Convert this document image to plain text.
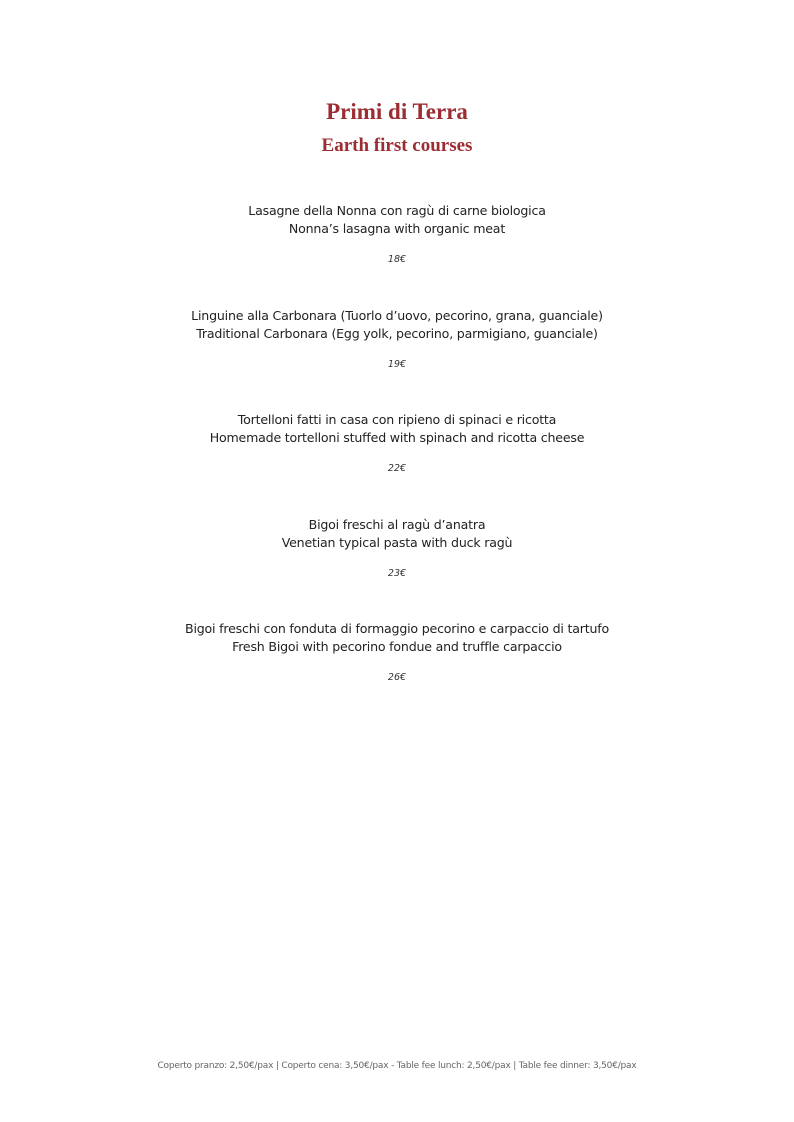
Primi di Terra
Earth first courses
Lasagne della Nonna con ragù di carne biologica
Nonna’s lasagna with organic meat
18€
Linguine alla Carbonara (Tuorlo d’uovo, pecorino, grana, guanciale)
Traditional Carbonara (Egg yolk, pecorino, parmigiano, guanciale)
19€
Tortelloni fatti in casa con ripieno di spinaci e ricotta
Homemade tortelloni stuffed with spinach and ricotta cheese
22€
Bigoi freschi al ragù d’anatra
Venetian typical pasta with duck ragù
23€
Bigoi freschi con fonduta di formaggio pecorino e carpaccio di tartufo
Fresh Bigoi with pecorino fondue and truffle carpaccio
26€
Coperto pranzo: 2,50€/pax | Coperto cena: 3,50€/pax - Table fee lunch: 2,50€/pax | Table fee dinner: 3,50€/pax
